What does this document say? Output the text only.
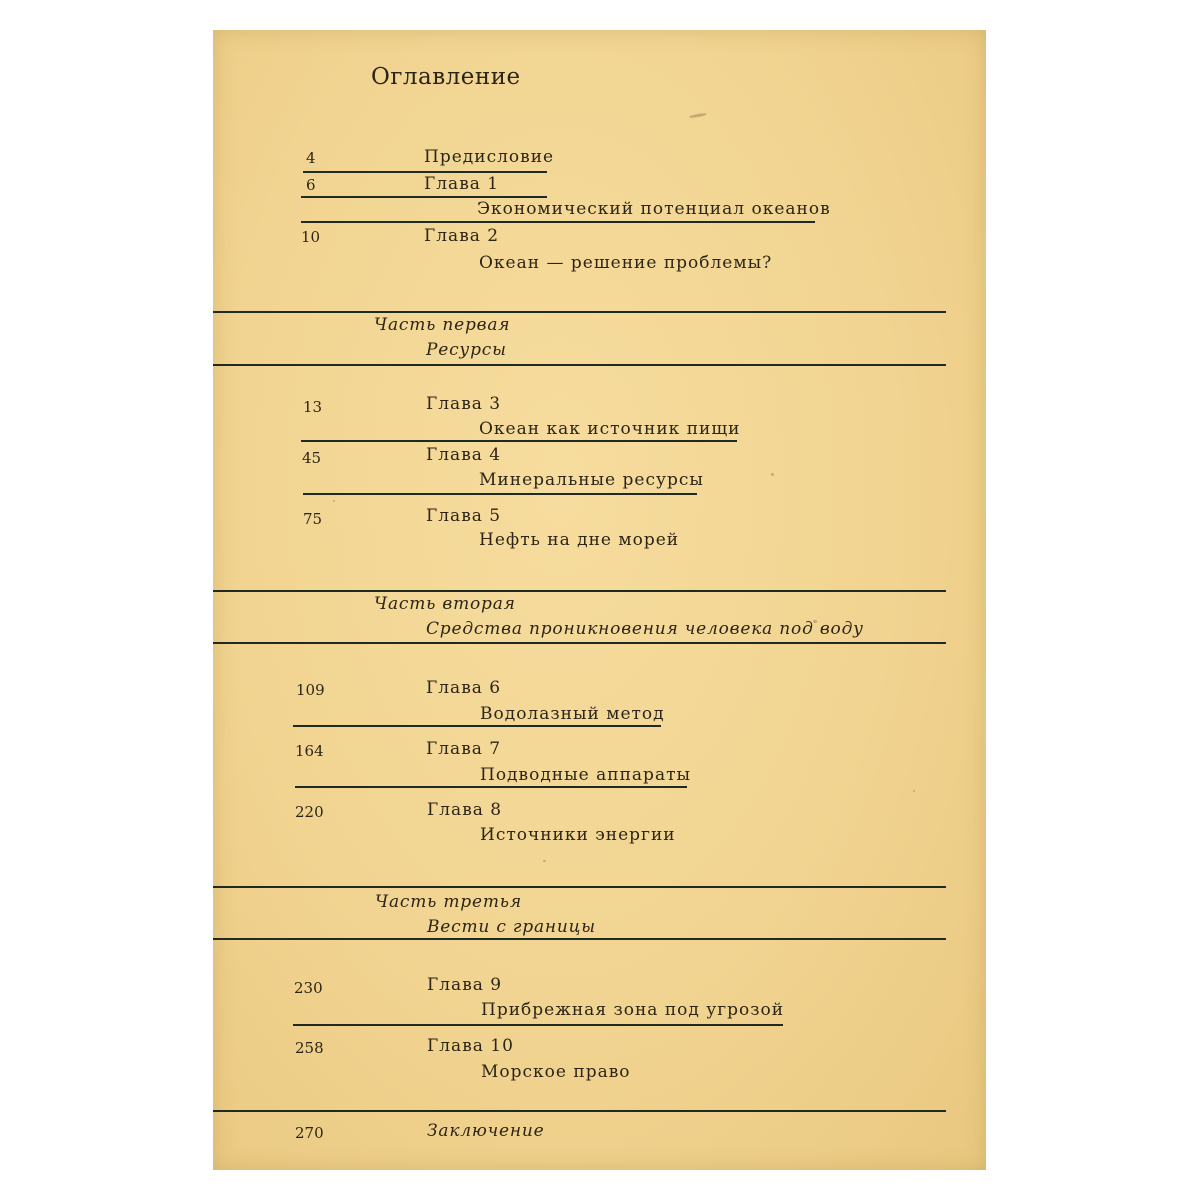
Оглавление
4	Предисловие
6	Глава 1
Экономический потенциал океанов
10	Глава 2
Океан — решение проблемы?
Часть первая
Ресурсы
13	Глава 3
Океан как источник пищи
45	Глава 4
Минеральные ресурсы
75	Глава 5
Нефть на дне морей
Часть вторая
Средства проникновения человека под воду
109	Глава 6
Водолазный метод
164	Глава 7
Подводные аппараты
220	Глава 8
Источники энергии
Часть третья
Вести с границы
230	Глава 9
Прибрежная зона под угрозой
258	Глава 10
Морское право
270	Заключение
